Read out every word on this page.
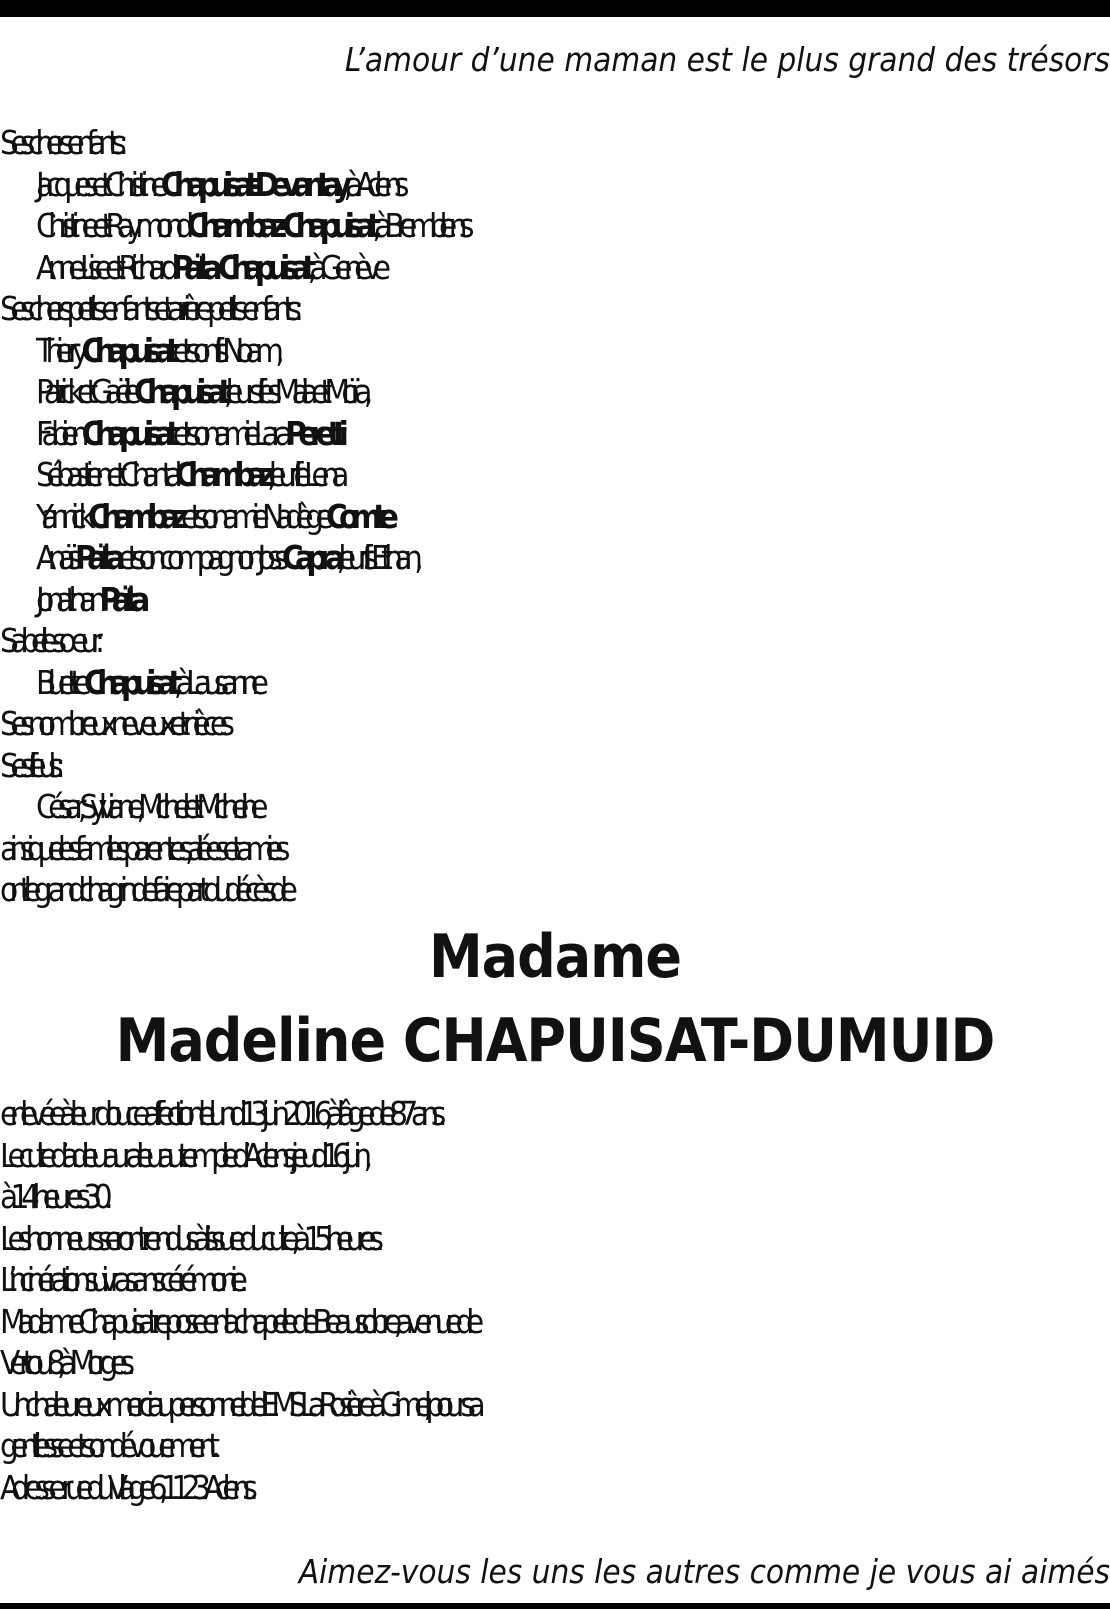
L’amour d’une maman est le plus grand des trésors
Ses chers enfants :
Jacques et Christine Chapuisat-Devantay, à Aclens
Christine et Raymond Chambaz-Chapuisat, à Bremblens
Anne-Lise et Richard Païta-Chapuisat, à Genève
Ses chers petits-enfants et arrière-petits-enfants :
Thierry Chapuisat et son fils Noam,
Patrick et Gaëlle Chapuisat, leurs filles Malia et Moïra,
Fabien Chapuisat et son amie Lara Peretti
Sébastien et Chantal Chambaz, leur fille Lena
Yannick Chambaz et son amie Nadège Comte
Anaïs Païta et son compagnon Joss Capra, leur fils Ethan,
Jonathan Païta
Sa belle-sœur :
Bluette Chapuisat, à Lausanne
Ses nombreux neveux et nièces
Ses filleuls :
César, Sylviane, Michel et Micheline
ainsi que les familles parentes, alliées et amies
ont le grand chagrin de faire part du décès de
Madame
Madeline CHAPUISAT-DUMUID
enlevée à leur douce affection le lundi 13 juin 2016, à l’âge de 87 ans.
Le culte d’adieu aura lieu au temple d’Aclens, jeudi 16 juin,
à 14 heures 30.
Les honneurs seront rendus à l’issue du culte, à 15 heures.
L’incinération suivra sans cérémonie.
Madame Chapuisat repose en la chapelle de Beausobre, avenue de
Vertou 8, à Morges.
Un chaleureux merci au personnel de l’EMS La Rosière à Gimel, pour sa
gentillesse et son dévouement.
Adresse : rue du Village 6, 1123 Aclens.
Aimez-vous les uns les autres comme je vous ai aimés
